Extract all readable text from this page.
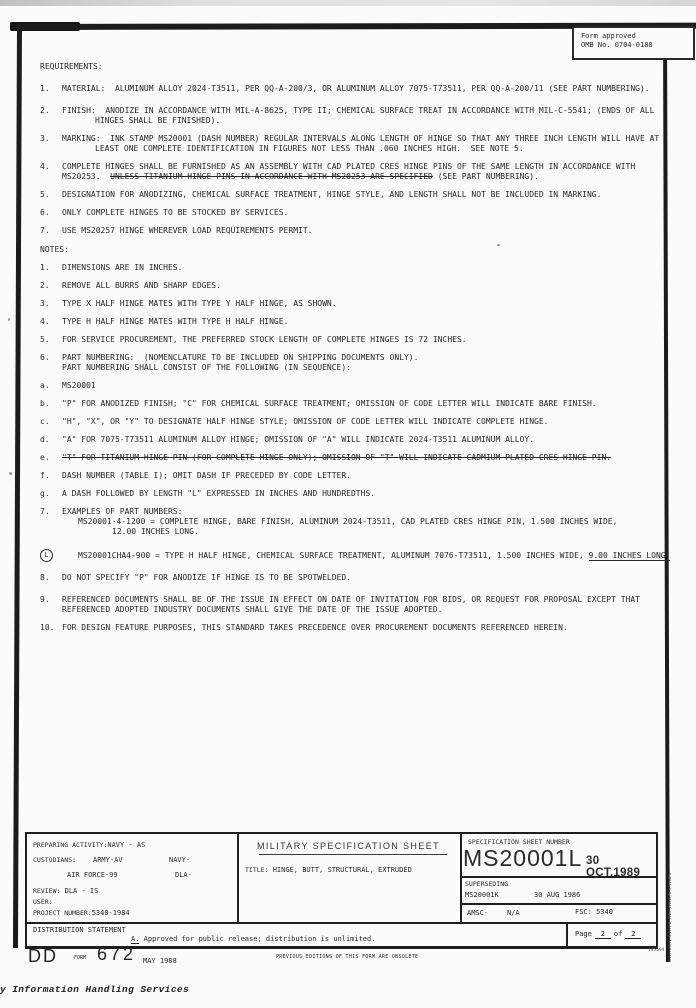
Form approved
OMB No. 0704-0188
REQUIREMENTS:
1. MATERIAL:  ALUMINUM ALLOY 2024-T3511, PER QQ-A-200/3, OR ALUMINUM ALLOY 7075-T73511, PER QQ-A-200/11 (SEE PART NUMBERING).
2. FINISH:  ANODIZE IN ACCORDANCE WITH MIL-A-8625, TYPE II; CHEMICAL SURFACE TREAT IN ACCORDANCE WITH MIL-C-5541; (ENDS OF ALL
HINGES SHALL BE FINISHED).
3. MARKING:  INK STAMP MS20001 (DASH NUMBER) REGULAR INTERVALS ALONG LENGTH OF HINGE SO THAT ANY THREE INCH LENGTH WILL HAVE AT
LEAST ONE COMPLETE IDENTIFICATION IN FIGURES NOT LESS THAN .060 INCHES HIGH.  SEE NOTE 5.
4. COMPLETE HINGES SHALL BE FURNISHED AS AN ASSEMBLY WITH CAD PLATED CRES HINGE PINS OF THE SAME LENGTH IN ACCORDANCE WITH
MS20253.  UNLESS TITANIUM HINGE PINS IN ACCORDANCE WITH MS20253 ARE SPECIFIED (SEE PART NUMBERING).
5. DESIGNATION FOR ANODIZING, CHEMICAL SURFACE TREATMENT, HINGE STYLE, AND LENGTH SHALL NOT BE INCLUDED IN MARKING.
6. ONLY COMPLETE HINGES TO BE STOCKED BY SERVICES.
7. USE MS20257 HINGE WHEREVER LOAD REQUIREMENTS PERMIT.
NOTES:
1. DIMENSIONS ARE IN INCHES.
2. REMOVE ALL BURRS AND SHARP EDGES.
3. TYPE X HALF HINGE MATES WITH TYPE Y HALF HINGE, AS SHOWN.
4. TYPE H HALF HINGE MATES WITH TYPE H HALF HINGE.
5. FOR SERVICE PROCUREMENT, THE PREFERRED STOCK LENGTH OF COMPLETE HINGES IS 72 INCHES.
6. PART NUMBERING:  (NOMENCLATURE TO BE INCLUDED ON SHIPPING DOCUMENTS ONLY).
PART NUMBERING SHALL CONSIST OF THE FOLLOWING (IN SEQUENCE):
a. MS20001
b. "P" FOR ANODIZED FINISH; "C" FOR CHEMICAL SURFACE TREATMENT; OMISSION OF CODE LETTER WILL INDICATE BARE FINISH.
c. "H", "X", OR "Y" TO DESIGNATE HALF HINGE STYLE; OMISSION OF CODE LETTER WILL INDICATE COMPLETE HINGE.
d. "A" FOR 7075-T73511 ALUMINUM ALLOY HINGE; OMISSION OF "A" WILL INDICATE 2024-T3511 ALUMINUM ALLOY.
e. "T" FOR TITANIUM HINGE PIN (FOR COMPLETE HINGE ONLY); OMISSION OF "T" WILL INDICATE CADMIUM PLATED CRES HINGE PIN.
f. DASH NUMBER (TABLE I); OMIT DASH IF PRECEDED BY CODE LETTER.
g. A DASH FOLLOWED BY LENGTH "L" EXPRESSED IN INCHES AND HUNDREDTHS.
7. EXAMPLES OF PART NUMBERS:
MS20001-4-1200 = COMPLETE HINGE, BARE FINISH, ALUMINUM 2024-T3511, CAD PLATED CRES HINGE PIN, 1.500 INCHES WIDE,
12.00 INCHES LONG.
L	MS20001CHA4-900 = TYPE H HALF HINGE, CHEMICAL SURFACE TREATMENT, ALUMINUM 7076-T73511, 1.500 INCHES WIDE, 9.00 INCHES LONG.
8. DO NOT SPECIFY "P" FOR ANODIZE IF HINGE IS TO BE SPOTWELDED.
9. REFERENCED DOCUMENTS SHALL BE OF THE ISSUE IN EFFECT ON DATE OF INVITATION FOR BIDS, OR REQUEST FOR PROPOSAL EXCEPT THAT
REFERENCED ADOPTED INDUSTRY DOCUMENTS SHALL GIVE THE DATE OF THE ISSUE ADOPTED.
10. FOR DESIGN FEATURE PURPOSES, THIS STANDARD TAKES PRECEDENCE OVER PROCUREMENT DOCUMENTS REFERENCED HEREIN.
PREPARING ACTIVITY:NAVY - AS
CUSTODIANS: ARMY-AV	NAVY-
AIR FORCE-99	DLA-
REVIEW: DLA - IS
USER:
PROJECT NUMBER:5340-1984
MILITARY SPECIFICATION SHEET
TITLE: HINGE, BUTT, STRUCTURAL, EXTRUDED
SPECIFICATION SHEET NUMBER
MS20001L 30 OCT.1989
SUPERSEDING
MS20001K	30 AUG 1986
AMSC-	N/A	FSC: 5340
DISTRIBUTION STATEMENT
A. Approved for public release; distribution is unlimited.
Page 2 of 2
DD	FORM 672 MAY 1988	PREVIOUS EDITIONS OF THIS FORM ARE OBSOLETE	GARDEN STATE REPROGRAPHICS
145594
y Information Handling Services
